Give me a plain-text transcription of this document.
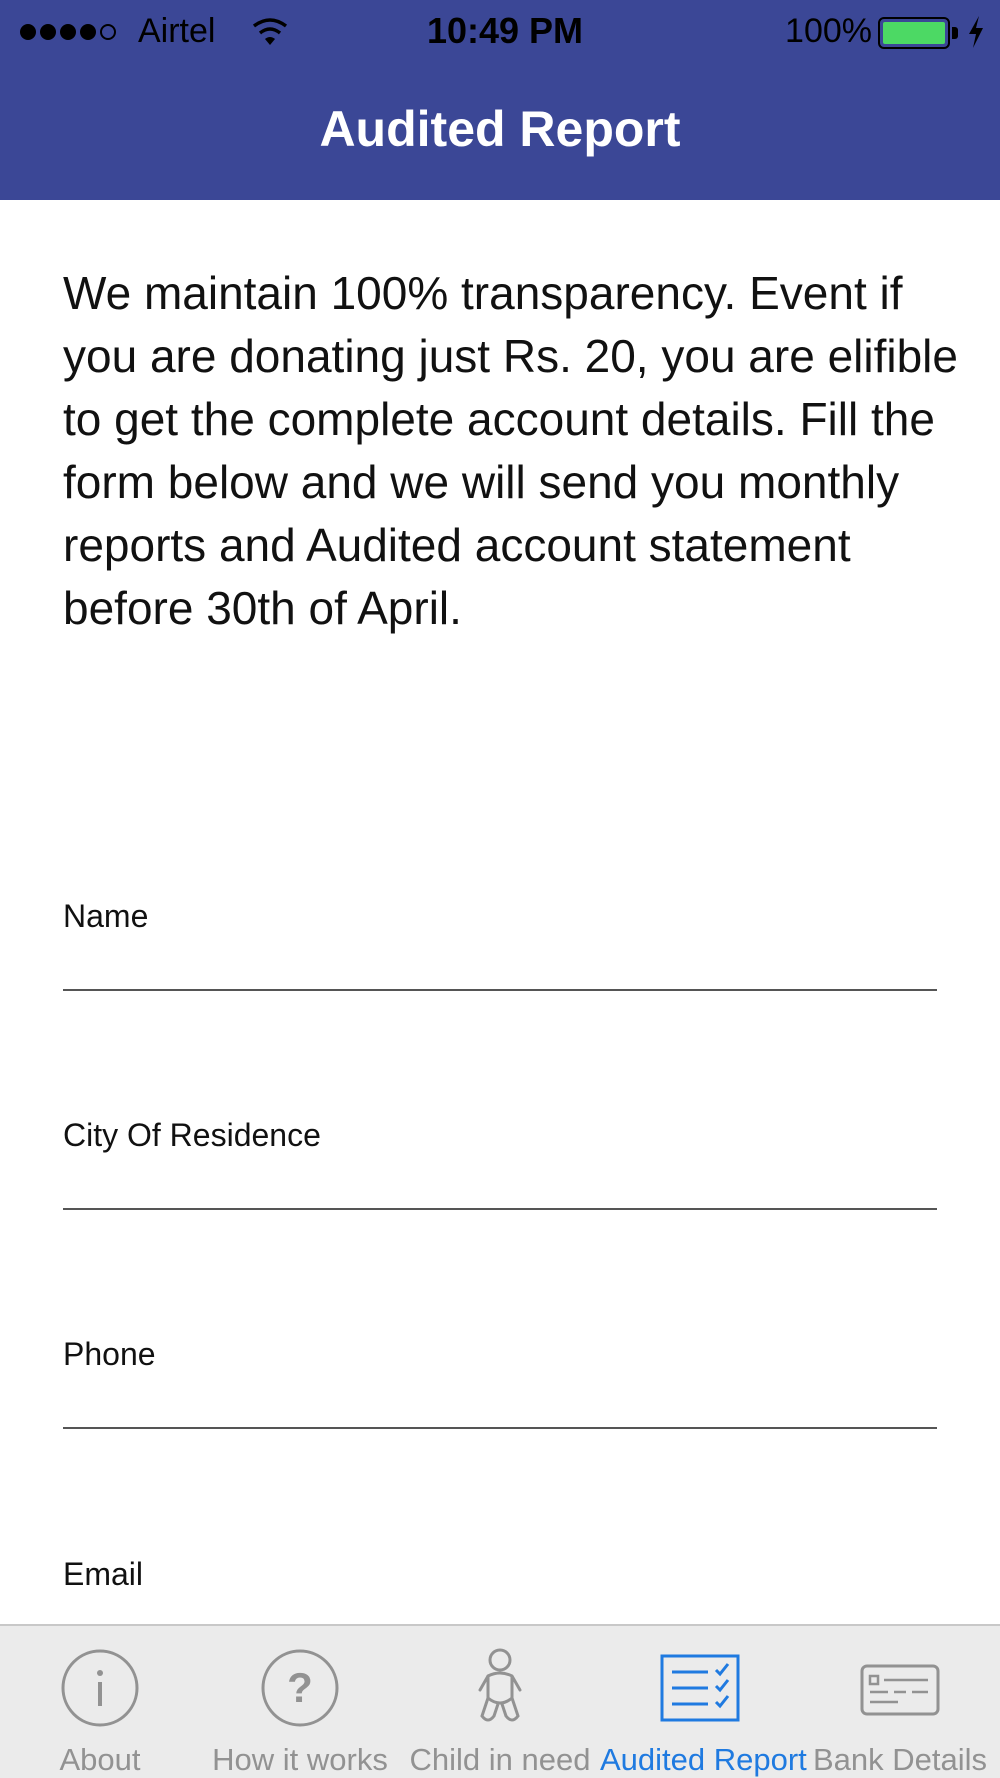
Airtel	10:49 PM	100%
Audited Report

We maintain 100% transparency. Event if you are donating just Rs. 20, you are elifible to get the complete account details. Fill the form below and we will send you monthly reports and Audited account statement before 30th of April.

Name
City Of Residence
Phone
Email
About
?
How it works Child in need Audited Report Bank Details
